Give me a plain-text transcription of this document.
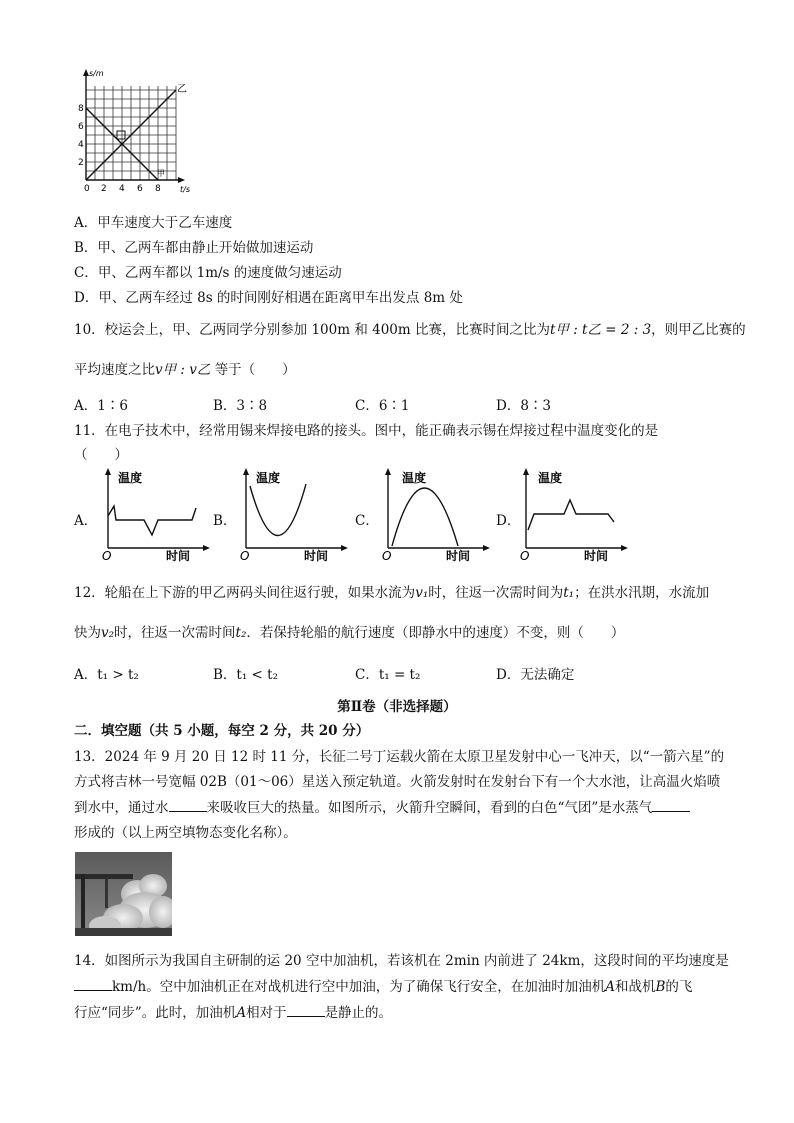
s/m
t/s
8
6
4
2
0 2 4 6 8
乙
甲
A．甲车速度大于乙车速度
B．甲、乙两车都由静止开始做加速运动
C．甲、乙两车都以 1m/s 的速度做匀速运动
D．甲、乙两车经过 8s 的时间刚好相遇在距离甲车出发点 8m 处
10．校运会上，甲、乙两同学分别参加 100m 和 400m 比赛，比赛时间之比为t甲 : t乙 = 2 : 3，则甲乙比赛的
平均速度之比v甲 : v乙 等于（　　）
A．1∶6	B．3∶8	C．6∶1	D．8∶3
11．在电子技术中，经常用锡来焊接电路的接头。图中，能正确表示锡在焊接过程中温度变化的是
（　　）
A．
温度
时间
O
B．
温度
时间
O
C．
温度
时间
O
D．
温度
时间
O
12．轮船在上下游的甲乙两码头间往返行驶，如果水流为v₁时，往返一次需时间为t₁；在洪水汛期，水流加
快为v₂时，往返一次需时间t₂．若保持轮船的航行速度（即静水中的速度）不变，则（　　）
A．t₁ > t₂	B．t₁ < t₂	C．t₁ = t₂	D．无法确定
第Ⅱ卷（非选择题）
二．填空题（共 5 小题，每空 2 分，共 20 分）
13．2024 年 9 月 20 日 12 时 11 分，长征二号丁运载火箭在太原卫星发射中心一飞冲天，以“一箭六星”的
方式将吉林一号宽幅 02B（01～06）星送入预定轨道。火箭发射时在发射台下有一个大水池，让高温火焰喷
到水中，通过水	来吸收巨大的热量。如图所示，火箭升空瞬间，看到的白色“气团”是水蒸气
形成的（以上两空填物态变化名称）。
14．如图所示为我国自主研制的运 20 空中加油机，若该机在 2min 内前进了 24km，这段时间的平均速度是
km/h。空中加油机正在对战机进行空中加油，为了确保飞行安全，在加油时加油机A和战机B的飞
行应“同步”。此时，加油机A相对于	是静止的。
